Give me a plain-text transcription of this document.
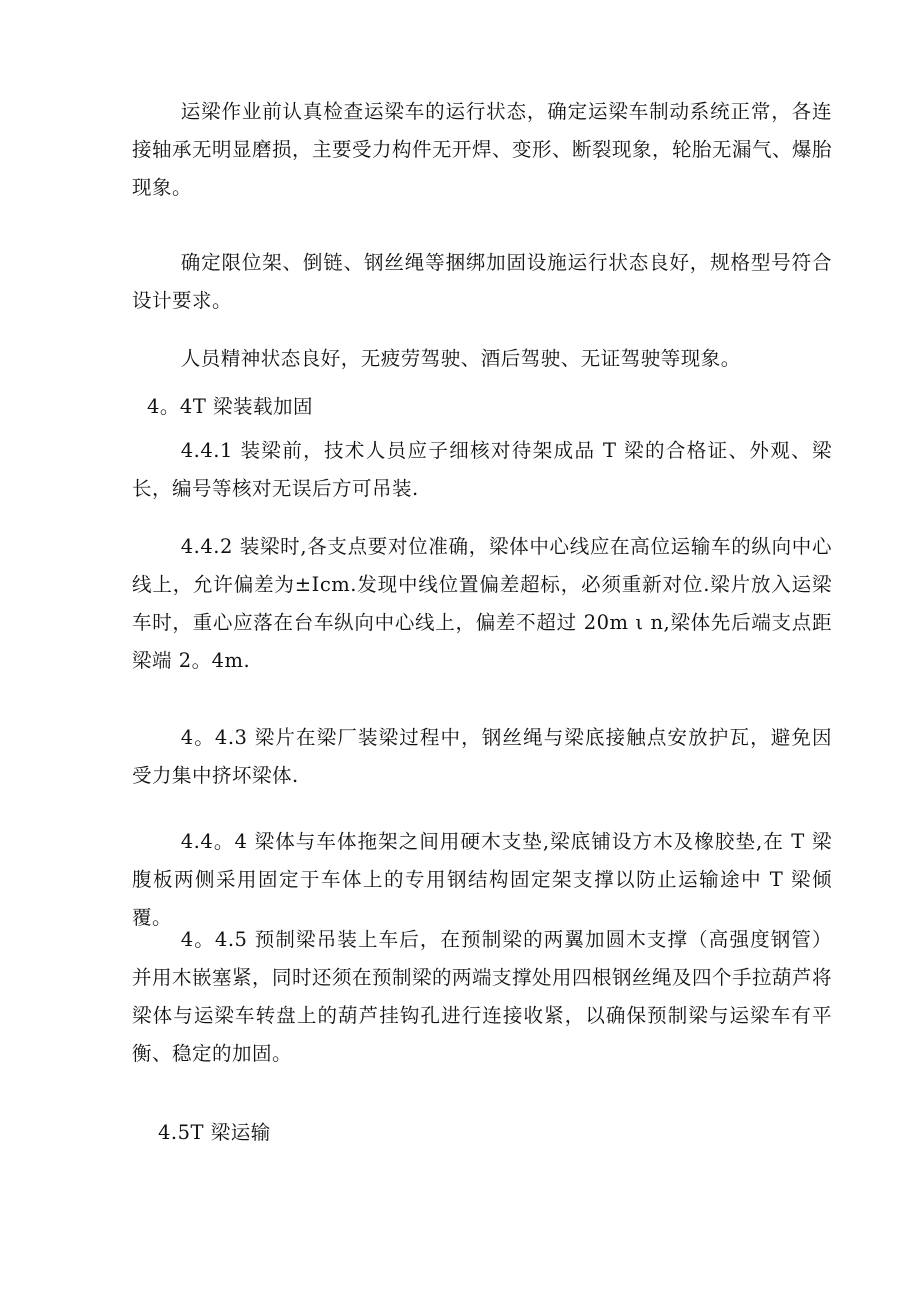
运梁作业前认真检查运梁车的运行状态，确定运梁车制动系统正常，各连接轴承无明显磨损，主要受力构件无开焊、变形、断裂现象，轮胎无漏气、爆胎现象。

确定限位架、倒链、钢丝绳等捆绑加固设施运行状态良好，规格型号符合设计要求。

人员精神状态良好，无疲劳驾驶、酒后驾驶、无证驾驶等现象。

4。4T 梁装载加固

4.4.1 装梁前，技术人员应子细核对待架成品 T 梁的合格证、外观、梁长，编号等核对无误后方可吊装.

4.4.2 装梁时,各支点要对位准确，梁体中心线应在高位运输车的纵向中心线上，允许偏差为±Icm.发现中线位置偏差超标，必须重新对位.梁片放入运梁车时，重心应落在台车纵向中心线上，偏差不超过 20m ι n,梁体先后端支点距梁端 2。4m.

4。4.3 梁片在梁厂装梁过程中，钢丝绳与梁底接触点安放护瓦，避免因受力集中挤坏梁体.

4.4。4 梁体与车体拖架之间用硬木支垫,梁底铺设方木及橡胶垫,在 T 梁腹板两侧采用固定于车体上的专用钢结构固定架支撑以防止运输途中 T 梁倾覆。

4。4.5 预制梁吊装上车后，在预制梁的两翼加圆木支撑（高强度钢管）并用木嵌塞紧，同时还须在预制梁的两端支撑处用四根钢丝绳及四个手拉葫芦将梁体与运梁车转盘上的葫芦挂钩孔进行连接收紧，以确保预制梁与运梁车有平衡、稳定的加固。

4.5T 梁运输
